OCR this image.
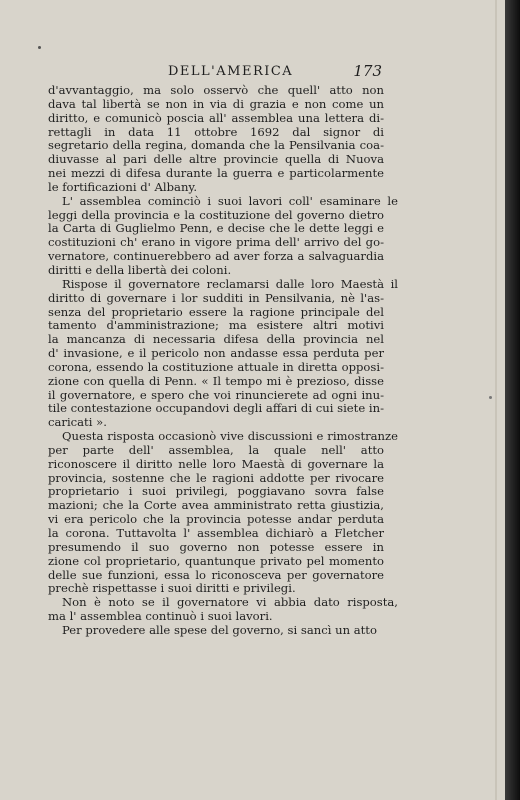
DELL'AMERICA	173
d'avvantaggio, ma solo osservò che quell' atto non
dava tal libertà se non in via di grazia e non come un
diritto, e comunicò poscia all' assemblea una lettera di-
rettagli in data 11 ottobre 1692 dal signor di
segretario della regina, domanda che la Pensilvania coa-
diuvasse al pari delle altre provincie quella di Nuova
nei mezzi di difesa durante la guerra e particolarmente
le fortificazioni d' Albany.
L' assemblea cominciò i suoi lavori coll' esaminare le
leggi della provincia e la costituzione del governo dietro
la Carta di Guglielmo Penn, e decise che le dette leggi e
costituzioni ch' erano in vigore prima dell' arrivo del go-
vernatore, continuerebbero ad aver forza a salvaguardia
diritti e della libertà dei coloni.
Rispose il governatore reclamarsi dalle loro Maestà il
diritto di governare i lor sudditi in Pensilvania, nè l'as-
senza del proprietario essere la ragione principale del
tamento d'amministrazione; ma esistere altri motivi
la mancanza di necessaria difesa della provincia nel
d' invasione, e il pericolo non andasse essa perduta per
corona, essendo la costituzione attuale in diretta opposi-
zione con quella di Penn. « Il tempo mi è prezioso, disse
il governatore, e spero che voi rinuncierete ad ogni inu-
tile contestazione occupandovi degli affari di cui siete in-
caricati ».
Questa risposta occasionò vive discussioni e rimostranze
per parte dell' assemblea, la quale nell' atto
riconoscere il diritto nelle loro Maestà di governare la
provincia, sostenne che le ragioni addotte per rivocare
proprietario i suoi privilegi, poggiavano sovra false
mazioni; che la Corte avea amministrato retta giustizia,
vi era pericolo che la provincia potesse andar perduta
la corona. Tuttavolta l' assemblea dichiarò a Fletcher
presumendo il suo governo non potesse essere in
zione col proprietario, quantunque privato pel momento
delle sue funzioni, essa lo riconosceva per governatore
prechè rispettasse i suoi diritti e privilegi.
Non è noto se il governatore vi abbia dato risposta,
ma l' assemblea continuò i suoi lavori.
Per provedere alle spese del governo, si sancì un atto
